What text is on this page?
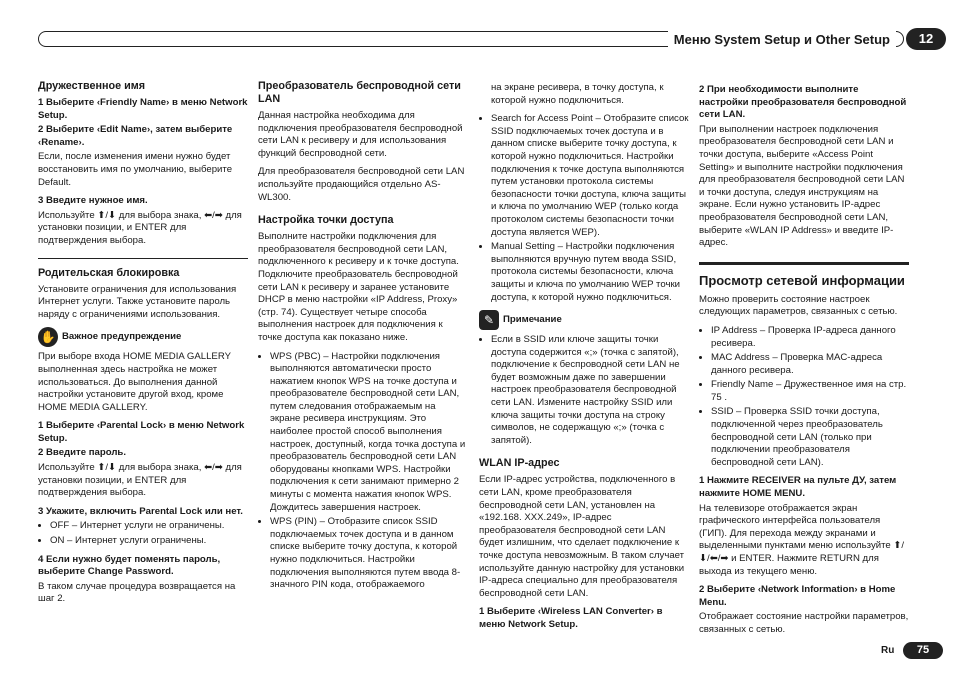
Меню System Setup и Other Setup	12
Дружественное имя

1 Выберите ‹Friendly Name› в меню Network Setup.

2 Выберите ‹Edit Name›, затем выберите ‹Rename›.

Если, после изменения имени нужно будет восстановить имя по умолчанию, выберите Default.

3 Введите нужное имя.

Используйте ⬆/⬇ для выбора знака, ⬅/➡ для установки позиции, и ENTER для подтверждения выбора.

Родительская блокировка

Установите ограничения для использования Интернет услуги. Также установите пароль наряду с ограничениями использования.

✋ Важное предупреждение

При выборе входа HOME MEDIA GALLERY выполненная здесь настройка не может использоваться. До выполнения данной настройки установите другой вход, кроме HOME MEDIA GALLERY.

1 Выберите ‹Parental Lock› в меню Network Setup.

2 Введите пароль.

Используйте ⬆/⬇ для выбора знака, ⬅/➡ для установки позиции, и ENTER для подтверждения выбора.

3 Укажите, включить Parental Lock или нет.

• OFF – Интернет услуги не ограничены.
• ON – Интернет услуги ограничены.

4 Если нужно будет поменять пароль, выберите Change Password.

В таком случае процедура возвращается на шаг 2.

Преобразователь беспроводной сети LAN

Данная настройка необходима для подключения преобразователя беспроводной сети LAN к ресиверу и для использования функций беспроводной сети.

Для преобразователя беспроводной сети LAN используйте продающийся отдельно AS-WL300.

Настройка точки доступа

Выполните настройки подключения для преобразователя беспроводной сети LAN, подключенного к ресиверу и к точке доступа. Подключите преобразователь беспроводной сети LAN к ресиверу и заранее установите DHCP в меню настройки «IP Address, Proxy» (стр. 74). Существует четыре способа выполнения настроек для подключения к точке доступа как показано ниже.

• WPS (PBC) – Настройки подключения выполняются автоматически просто нажатием кнопок WPS на точке доступа и преобразователе беспроводной сети LAN, путем следования отображаемым на экране ресивера инструкциям. Это наиболее простой способ выполнения настроек, доступный, когда точка доступа и преобразователь беспроводной сети LAN оборудованы кнопками WPS. Настройки подключения к сети занимают примерно 2 минуты с момента нажатия кнопок WPS. Дождитесь завершения настроек.
• WPS (PIN) – Отобразите список SSID подключаемых точек доступа и в данном списке выберите точку доступа, к которой нужно подключиться. Настройки подключения выполняются путем ввода 8-значного PIN кода, отображаемого

на экране ресивера, в точку доступа, к которой нужно подключиться.

• Search for Access Point – Отобразите список SSID подключаемых точек доступа и в данном списке выберите точку доступа, к которой нужно подключиться. Настройки подключения к точке доступа выполняются путем установки протокола системы безопасности точки доступа, ключа защиты и ключа по умолчанию WEP (только когда протоколом системы безопасности точки доступа является WEP).
• Manual Setting – Настройки подключения выполняются вручную путем ввода SSID, протокола системы безопасности, ключа защиты и ключа по умолчанию WEP точки доступа, к которой нужно подключиться.
✎ Примечание
• Если в SSID или ключе защиты точки доступа содержится «;» (точка с запятой), подключение к беспроводной сети LAN не будет возможным даже по завершении настроек преобразователя беспроводной сети LAN. Измените настройку SSID или ключа защиты точки доступа на строку символов, не содержащую «;» (точка с запятой).
WLAN IP-адрес

Если IP-адрес устройства, подключенного в сети LAN, кроме преобразователя беспроводной сети LAN, установлен на «192.168. XXX.249», IP-адрес преобразователя беспроводной сети LAN будет излишним, что сделает подключение к точке доступа невозможным. В таком случает используйте данную настройку для установки IP-адреса специально для преобразователя беспроводной сети LAN.

1 Выберите ‹Wireless LAN Converter› в меню Network Setup.

2 При необходимости выполните настройки преобразователя беспроводной сети LAN.

При выполнении настроек подключения преобразователя беспроводной сети LAN и точки доступа, выберите «Access Point Setting» и выполните настройки подключения для преобразователя беспроводной сети LAN и точки доступа, следуя инструкциям на экране. Если нужно установить IP-адрес преобразователя беспроводной сети LAN, выберите «WLAN IP Address» и введите IP-адрес.

Просмотр сетевой информации

Можно проверить состояние настроек следующих параметров, связанных с сетью.

• IP Address – Проверка IP-адреса данного ресивера.
• MAC Address – Проверка MAC-адреса данного ресивера.
• Friendly Name – Дружественное имя на стр. 75 .
• SSID – Проверка SSID точки доступа, подключенной через преобразователь беспроводной сети LAN (только при подключении преобразователя беспроводной сети LAN).

1 Нажмите RECEIVER на пульте ДУ, затем нажмите HOME MENU.

На телевизоре отображается экран графического интерфейса пользователя (ГИП). Для перехода между экранами и выделенными пунктами меню используйте ⬆/⬇/⬅/➡ и ENTER. Нажмите RETURN для выхода из текущего меню.

2 Выберите ‹Network Information› в Home Menu.

Отображает состояние настройки параметров, связанных с сетью.

Ru	75
